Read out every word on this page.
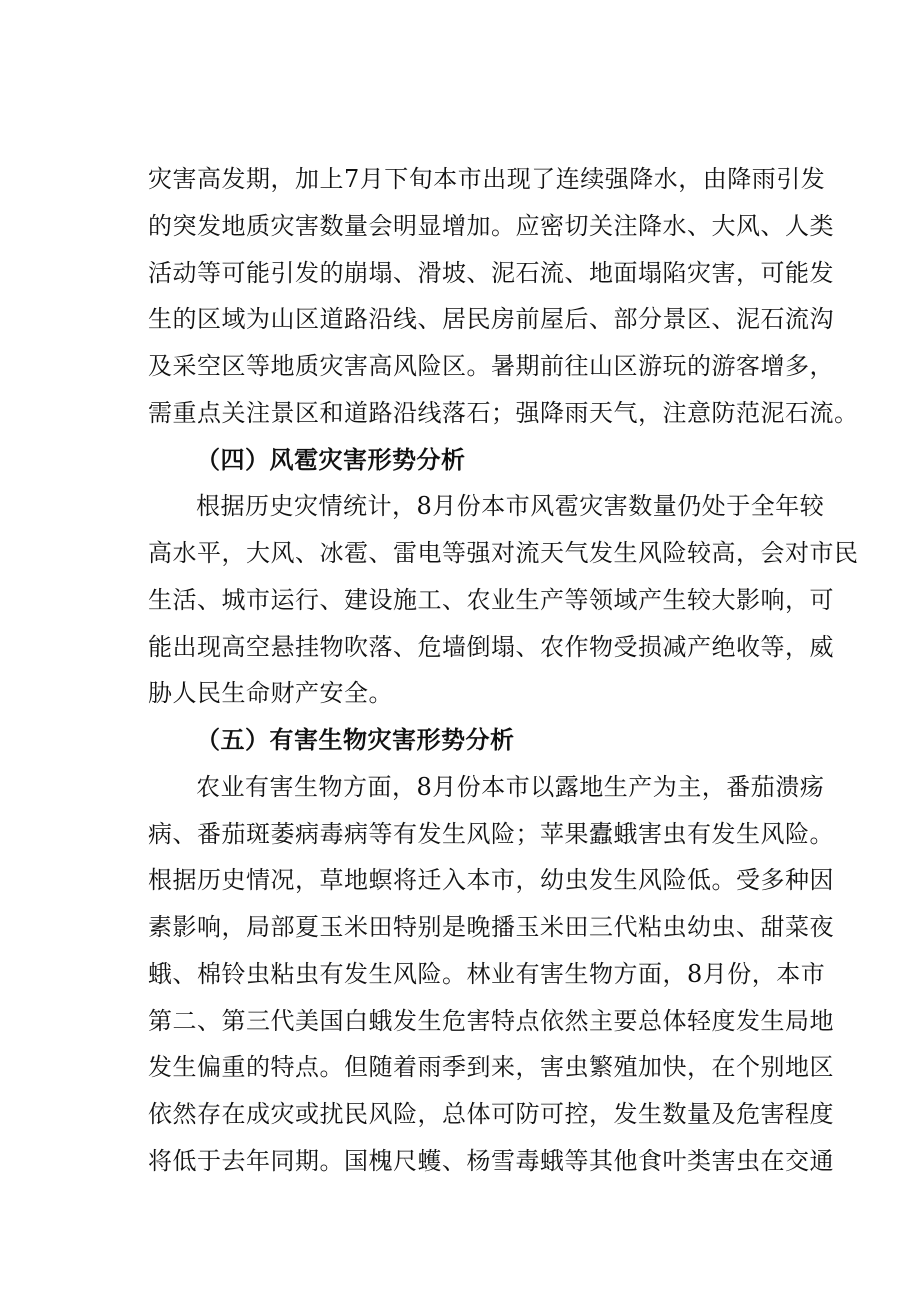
灾害高发期，加上7月下旬本市出现了连续强降水，由降雨引发
的突发地质灾害数量会明显增加。应密切关注降水、大风、人类
活动等可能引发的崩塌、滑坡、泥石流、地面塌陷灾害，可能发
生的区域为山区道路沿线、居民房前屋后、部分景区、泥石流沟
及采空区等地质灾害高风险区。暑期前往山区游玩的游客增多，
需重点关注景区和道路沿线落石；强降雨天气，注意防范泥石流。
（四）风雹灾害形势分析
根据历史灾情统计，8月份本市风雹灾害数量仍处于全年较
高水平，大风、冰雹、雷电等强对流天气发生风险较高，会对市民
生活、城市运行、建设施工、农业生产等领域产生较大影响，可
能出现高空悬挂物吹落、危墙倒塌、农作物受损减产绝收等，威
胁人民生命财产安全。
（五）有害生物灾害形势分析
农业有害生物方面，8月份本市以露地生产为主，番茄溃疡
病、番茄斑萎病毒病等有发生风险；苹果蠹蛾害虫有发生风险。
根据历史情况，草地螟将迁入本市，幼虫发生风险低。受多种因
素影响，局部夏玉米田特别是晚播玉米田三代粘虫幼虫、甜菜夜
蛾、棉铃虫粘虫有发生风险。林业有害生物方面，8月份，本市
第二、第三代美国白蛾发生危害特点依然主要总体轻度发生局地
发生偏重的特点。但随着雨季到来，害虫繁殖加快，在个别地区
依然存在成灾或扰民风险，总体可防可控，发生数量及危害程度
将低于去年同期。国槐尺蠖、杨雪毒蛾等其他食叶类害虫在交通
